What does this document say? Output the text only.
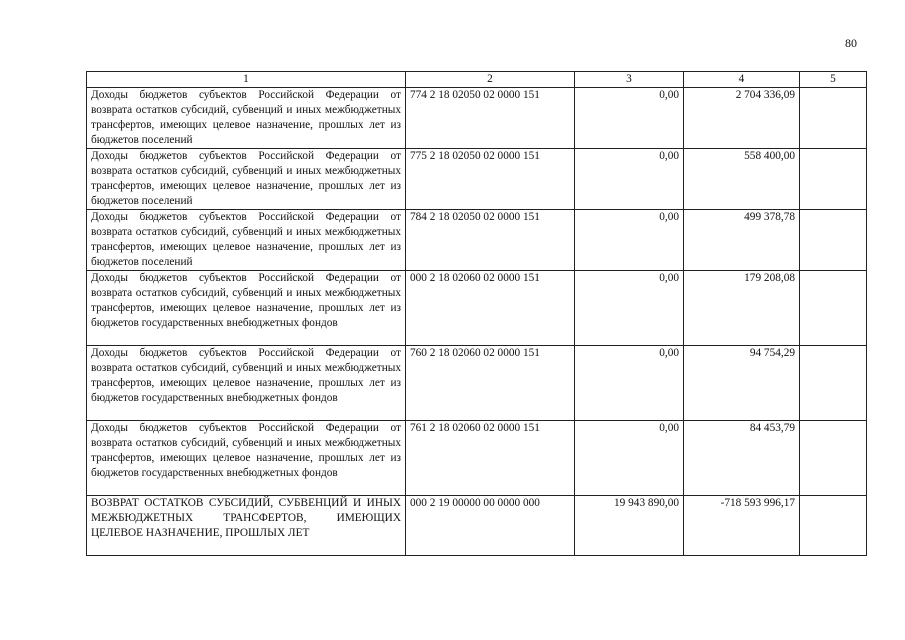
80
1	2	3	4	5

Доходы бюджетов субъектов Российской Федерации от возврата остатков субсидий, субвенций и иных межбюджетных трансфертов, имеющих целевое назначение, прошлых лет из бюджетов поселений	774 2 18 02050 02 0000 151	0,00	2 704 336,09	

Доходы бюджетов субъектов Российской Федерации от возврата остатков субсидий, субвенций и иных межбюджетных трансфертов, имеющих целевое назначение, прошлых лет из бюджетов поселений	775 2 18 02050 02 0000 151	0,00	558 400,00	

Доходы бюджетов субъектов Российской Федерации от возврата остатков субсидий, субвенций и иных межбюджетных трансфертов, имеющих целевое назначение, прошлых лет из бюджетов поселений	784 2 18 02050 02 0000 151	0,00	499 378,78	

Доходы бюджетов субъектов Российской Федерации от возврата остатков субсидий, субвенций и иных межбюджетных трансфертов, имеющих целевое назначение, прошлых лет из бюджетов государственных внебюджетных фондов	000 2 18 02060 02 0000 151	0,00	179 208,08	

Доходы бюджетов субъектов Российской Федерации от возврата остатков субсидий, субвенций и иных межбюджетных трансфертов, имеющих целевое назначение, прошлых лет из бюджетов государственных внебюджетных фондов	760 2 18 02060 02 0000 151	0,00	94 754,29	

Доходы бюджетов субъектов Российской Федерации от возврата остатков субсидий, субвенций и иных межбюджетных трансфертов, имеющих целевое назначение, прошлых лет из бюджетов государственных внебюджетных фондов	761 2 18 02060 02 0000 151	0,00	84 453,79	

ВОЗВРАТ ОСТАТКОВ СУБСИДИЙ, СУБВЕНЦИЙ И ИНЫХ МЕЖБЮДЖЕТНЫХ ТРАНСФЕРТОВ, ИМЕЮЩИХ ЦЕЛЕВОЕ НАЗНАЧЕНИЕ, ПРОШЛЫХ ЛЕТ	000 2 19 00000 00 0000 000	19 943 890,00	-718 593 996,17	
